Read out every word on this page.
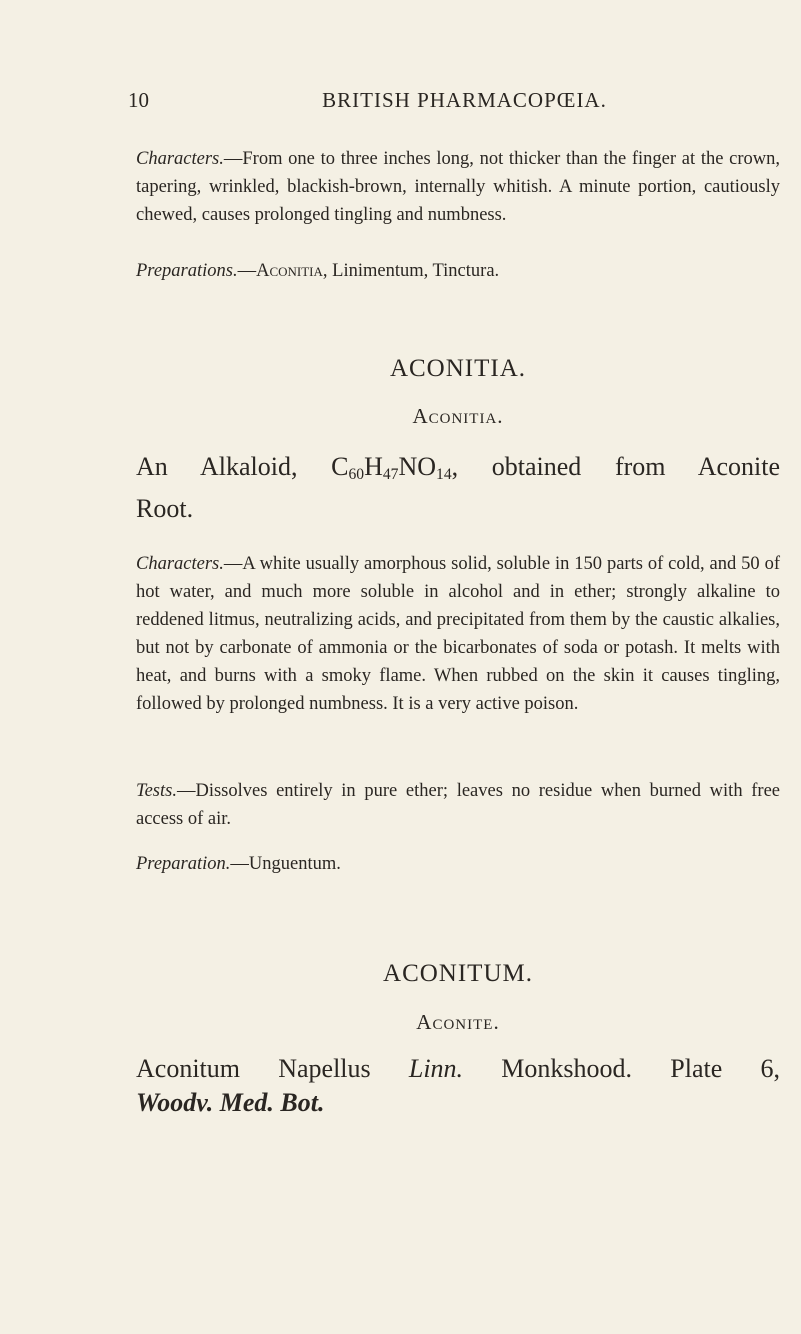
10	BRITISH PHARMACOPŒIA.

Characters.—From one to three inches long, not thicker than the finger at the crown, tapering, wrinkled, blackish-brown, internally whitish. A minute portion, cautiously chewed, causes prolonged tingling and numbness.

Preparations.—Aconitia, Linimentum, Tinctura.

ACONITIA.
Aconitia.

An Alkaloid, $C_{60}H_{47}NO_{14}$, obtained from Aconite

Root.

Characters.—A white usually amorphous solid, soluble in 150 parts of cold, and 50 of hot water, and much more soluble in alcohol and in ether; strongly alkaline to reddened litmus, neutralizing acids, and precipitated from them by the caustic alkalies, but not by carbonate of ammonia or the bicarbonates of soda or potash. It melts with heat, and burns with a smoky flame. When rubbed on the skin it causes tingling, followed by prolonged numbness. It is a very active poison.

Tests.—Dissolves entirely in pure ether; leaves no residue when burned with free access of air.

Preparation.—Unguentum.

ACONITUM.
Aconite.

Aconitum Napellus Linn. Monkshood. Plate 6,

Woodv. Med. Bot.
